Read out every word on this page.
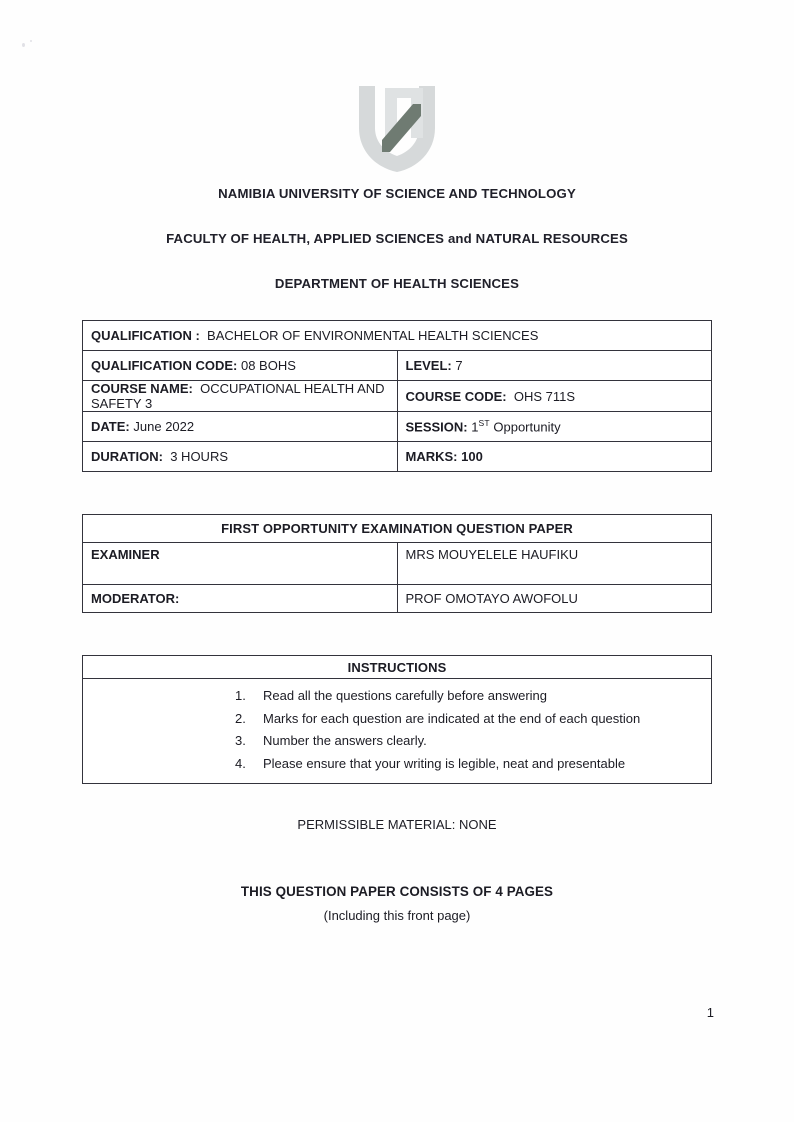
NAMIBIA UNIVERSITY OF SCIENCE AND TECHNOLOGY
FACULTY OF HEALTH, APPLIED SCIENCES and NATURAL RESOURCES
DEPARTMENT OF HEALTH SCIENCES
QUALIFICATION : BACHELOR OF ENVIRONMENTAL HEALTH SCIENCES	
QUALIFICATION CODE: 08 BOHS	LEVEL: 7
COURSE NAME: OCCUPATIONAL HEALTH AND SAFETY 3	COURSE CODE: OHS 711S
DATE: June 2022	SESSION: 1ST Opportunity
DURATION: 3 HOURS	MARKS: 100
FIRST OPPORTUNITY EXAMINATION QUESTION PAPER	
EXAMINER	MRS MOUYELELE HAUFIKU
MODERATOR:	PROF OMOTAYO AWOFOLU
INSTRUCTIONS

1.	Read all the questions carefully before answering
2.	Marks for each question are indicated at the end of each question
3.	Number the answers clearly.
4.	Please ensure that your writing is legible, neat and presentable
PERMISSIBLE MATERIAL: NONE
THIS QUESTION PAPER CONSISTS OF 4 PAGES
(Including this front page)
1
